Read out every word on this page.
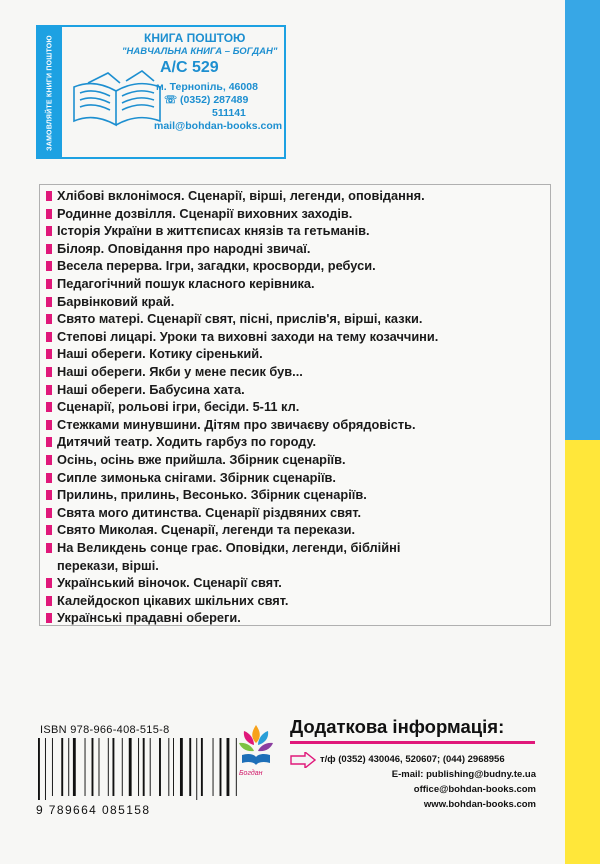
ЗАМОВЛЯЙТЕ КНИГИ ПОШТОЮ	КНИГА ПОШТОЮ
"НАВЧАЛЬНА КНИГА – БОГДАН"
А/С 529
м. Тернопіль, 46008
☏ (0352) 287489
511141
mail@bohdan-books.com
Хлібові вклонімося. Сценарії, вірші, легенди, оповідання.
Родинне дозвілля. Сценарії виховних заходів.
Історія України в життєписах князів та гетьманів.
Білояр. Оповідання про народні звичаї.
Весела перерва. Ігри, загадки, кросворди, ребуси.
Педагогічний пошук класного керівника.
Барвінковий край.
Свято матері. Сценарії свят, пісні, прислів'я, вірші, казки.
Степові лицарі. Уроки та виховні заходи на тему козаччини.
Наші обереги. Котику сіренький.
Наші обереги. Якби у мене песик був...
Наші обереги. Бабусина хата.
Сценарії, рольові ігри, бесіди. 5-11 кл.
Стежками минувшини. Дітям про звичаєву обрядовість.
Дитячий театр. Ходить гарбуз по городу.
Осінь, осінь вже прийшла. Збірник сценаріїв.
Сипле зимонька снігами. Збірник сценаріїв.
Прилинь, прилинь, Весонько. Збірник сценаріїв.
Свята мого дитинства. Сценарії різдвяних свят.
Свято Миколая. Сценарії, легенди та перекази.
На Великдень сонце грає. Оповідки, легенди, біблійні
перекази, вірші.
Український віночок. Сценарії свят.
Калейдоскоп цікавих шкільних свят.
Українські прадавні обереги.
ISBN 978-966-408-515-8
9 789664 085158
Богдан
Додаткова інформація:
т/ф (0352) 430046, 520607; (044) 2968956
E-mail: publishing@budny.te.ua
office@bohdan-books.com
www.bohdan-books.com
